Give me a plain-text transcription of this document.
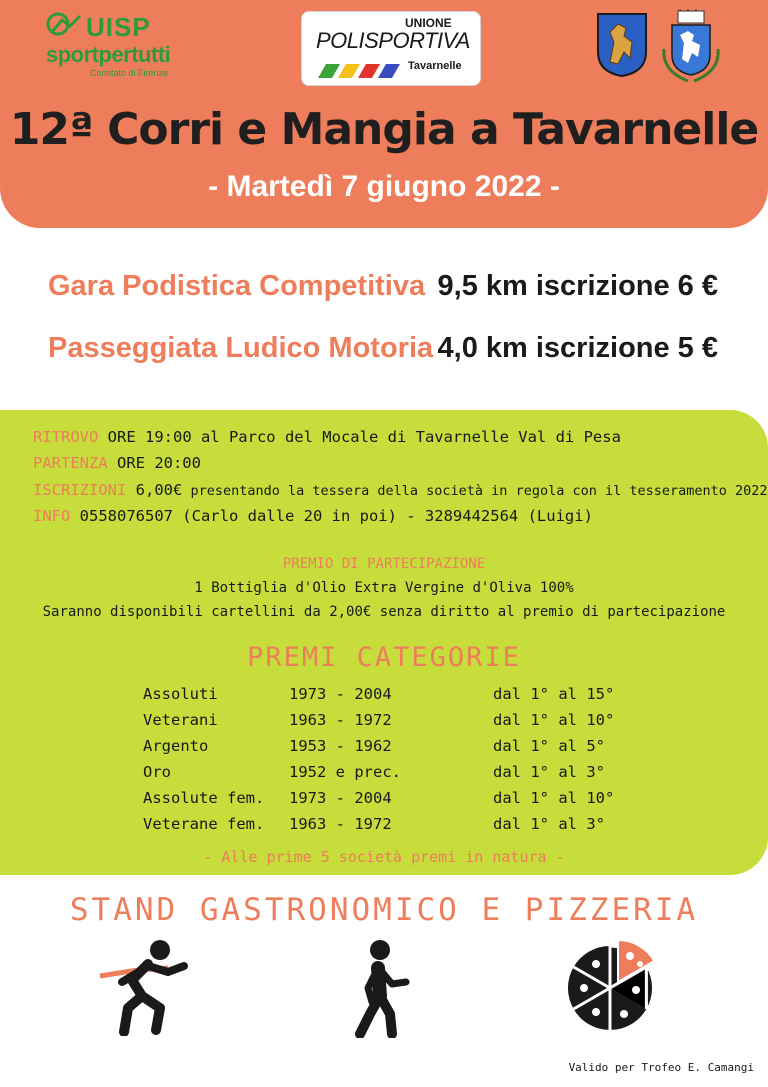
UISP
sportpertutti
Comitato di Firenze
UNIONE
POLISPORTIVA
Tavarnelle
12ª Corri e Mangia a Tavarnelle
- Martedì 7 giugno 2022 -
Gara Podistica Competitiva 9,5 km iscrizione 6 €
Passeggiata Ludico Motoria 4,0 km iscrizione 5 €
RITROVO ORE 19:00 al Parco del Mocale di Tavarnelle Val di Pesa
PARTENZA ORE 20:00
ISCRIZIONI 6,00€ presentando la tessera della società in regola con il tesseramento 2022
INFO 0558076507 (Carlo dalle 20 in poi) - 3289442564 (Luigi)
PREMIO DI PARTECIPAZIONE
1 Bottiglia d'Olio Extra Vergine d'Oliva 100%
Saranno disponibili cartellini da 2,00€ senza diritto al premio di partecipazione
PREMI CATEGORIE
Assoluti	1973 - 2004	dal 1° al 15°
Veterani	1963 - 1972	dal 1° al 10°
Argento	1953 - 1962	dal 1° al 5°
Oro	1952 e prec.	dal 1° al 3°
Assolute fem. 1973 - 2004	dal 1° al 10°
Veterane fem. 1963 - 1972	dal 1° al 3°
- Alle prime 5 società premi in natura -
STAND GASTRONOMICO E PIZZERIA
Valido per Trofeo E. Camangi
